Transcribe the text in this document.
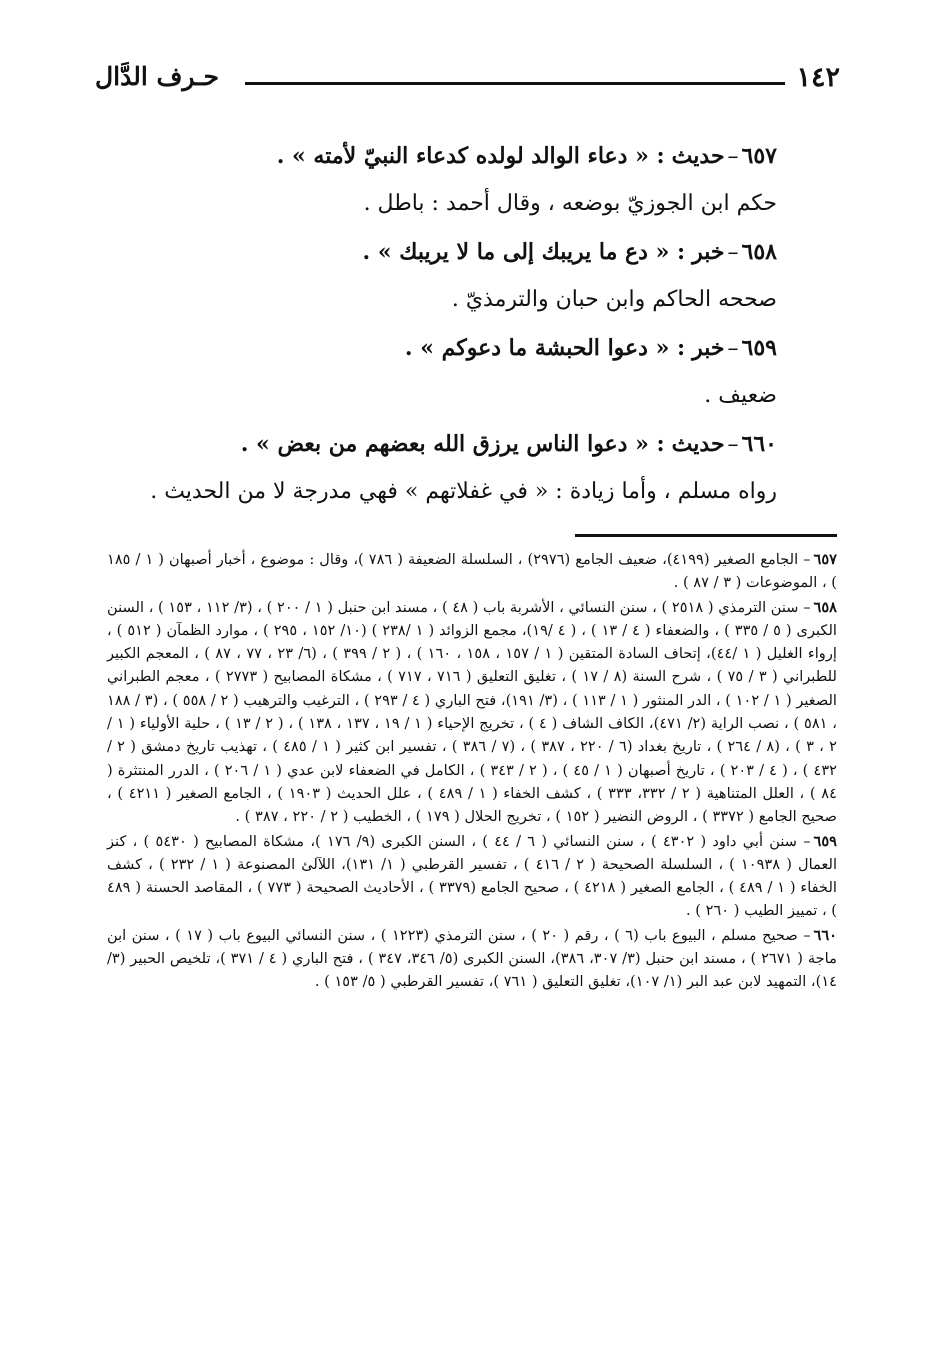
١٤٢
حـرف الدَّال
٦٥٧–حديث : « دعاء الوالد لولده كدعاء النبيّ لأمته » .
حكم ابن الجوزيّ بوضعه ، وقال أحمد : باطل .
٦٥٨–خبر : « دع ما يريبك إلى ما لا يريبك » .
صححه الحاكم وابن حبان والترمذيّ .
٦٥٩–خبر : « دعوا الحبشة ما دعوكم » .
ضعيف .
٦٦٠–حديث : « دعوا الناس يرزق الله بعضهم من بعض » .
رواه مسلم ، وأما زيادة : « في غفلاتهم » فهي مدرجة لا من الحديث .
٦٥٧– الجامع الصغير (٤١٩٩)، ضعيف الجامع (٢٩٧٦) ، السلسلة الضعيفة ( ٧٨٦ )، وقال : موضوع ، أخبار أصبهان ( ١ / ١٨٥ ) ، الموضوعات ( ٣ / ٨٧ ) .
٦٥٨– سنن الترمذي ( ٢٥١٨ ) ، سنن النسائي ، الأشربة باب ( ٤٨ ) ، مسند ابن حنبل ( ١ / ٢٠٠ ) ، (٣/ ١١٢ ، ١٥٣ ) ، السنن الكبرى ( ٥ / ٣٣٥ ) ، والضعفاء ( ٤ / ١٣ ) ، ( ٤ /١٩)، مجمع الزوائد ( ١ /٢٣٨ ) (١٠/ ١٥٢ ، ٢٩٥ ) ، موارد الظمآن ( ٥١٢ ) ، إرواء الغليل ( ١ /٤٤)، إتحاف السادة المتقين ( ١ / ١٥٧ ، ١٥٨ ، ١٦٠ ) ، ( ٢ / ٣٩٩ ) ، (٦/ ٢٣ ، ٧٧ ، ٨٧ ) ، المعجم الكبير للطبراني ( ٣ / ٧٥ ) ، شرح السنة (٨ / ١٧ ) ، تغليق التعليق ( ٧١٦ ، ٧١٧ ) ، مشكاة المصابيح ( ٢٧٧٣ ) ، معجم الطبراني الصغير ( ١ / ١٠٢ ) ، الدر المنثور ( ١ / ١١٣ ) ، (٣/ ١٩١)، فتح الباري ( ٤ / ٢٩٣ ) ، الترغيب والترهيب ( ٢ / ٥٥٨ ) ، (٣ / ١٨٨ ، ٥٨١ ) ، نصب الراية (٢/ ٤٧١)، الكاف الشاف ( ٤ ) ، تخريج الإحياء ( ١ / ١٩ ، ١٣٧ ، ١٣٨ ) ، ( ٢ / ١٣ ) ، حلية الأولياء ( ١ / ٢ ، ٣ ) ، (٨ / ٢٦٤ ) ، تاريخ بغداد (٦ / ٢٢٠ ، ٣٨٧ ) ، (٧ / ٣٨٦ ) ، تفسير ابن كثير ( ١ / ٤٨٥ ) ، تهذيب تاريخ دمشق ( ٢ / ٤٣٢ ) ، ( ٤ / ٢٠٣ ) ، تاريخ أصبهان ( ١ / ٤٥ ) ، ( ٢ / ٣٤٣ ) ، الكامل في الضعفاء لابن عدي ( ١ / ٢٠٦ ) ، الدرر المنتثرة ( ٨٤ ) ، العلل المتناهية ( ٢ / ٣٣٢، ٣٣٣ ) ، كشف الخفاء ( ١ / ٤٨٩ ) ، علل الحديث ( ١٩٠٣ ) ، الجامع الصغير ( ٤٢١١ ) ، صحيح الجامع ( ٣٣٧٢ ) ، الروض النضير ( ١٥٢ ) ، تخريج الحلال ( ١٧٩ ) ، الخطيب ( ٢ / ٢٢٠ ، ٣٨٧ ) .
٦٥٩– سنن أبي داود ( ٤٣٠٢ ) ، سنن النسائي ( ٦ / ٤٤ ) ، السنن الكبرى (٩/ ١٧٦ )، مشكاة المصابيح ( ٥٤٣٠ ) ، كنز العمال ( ١٠٩٣٨ ) ، السلسلة الصحيحة ( ٢ / ٤١٦ ) ، تفسير القرطبي ( ١/ ١٣١)، اللآلئ المصنوعة ( ١ / ٢٣٢ ) ، كشف الخفاء ( ١ / ٤٨٩ ) ، الجامع الصغير ( ٤٢١٨ ) ، صحيح الجامع (٣٣٧٩ ) ، الأحاديث الصحيحة ( ٧٧٣ ) ، المقاصد الحسنة ( ٤٨٩ ) ، تمييز الطيب ( ٢٦٠ ) .
٦٦٠– صحيح مسلم ، البيوع باب (٦ ) ، رقم ( ٢٠ ) ، سنن الترمذي (١٢٢٣ ) ، سنن النسائي البيوع باب ( ١٧ ) ، سنن ابن ماجة ( ٢٦٧١ ) ، مسند ابن حنبل (٣/ ٣٠٧، ٣٨٦)، السنن الكبرى (٥/ ٣٤٦، ٣٤٧ ) ، فتح الباري ( ٤ / ٣٧١ )، تلخيص الحبير (٣/ ١٤)، التمهيد لابن عبد البر (١/ ١٠٧)، تغليق التعليق ( ٧٦١ )، تفسير القرطبي ( ٥/ ١٥٣ ) .
